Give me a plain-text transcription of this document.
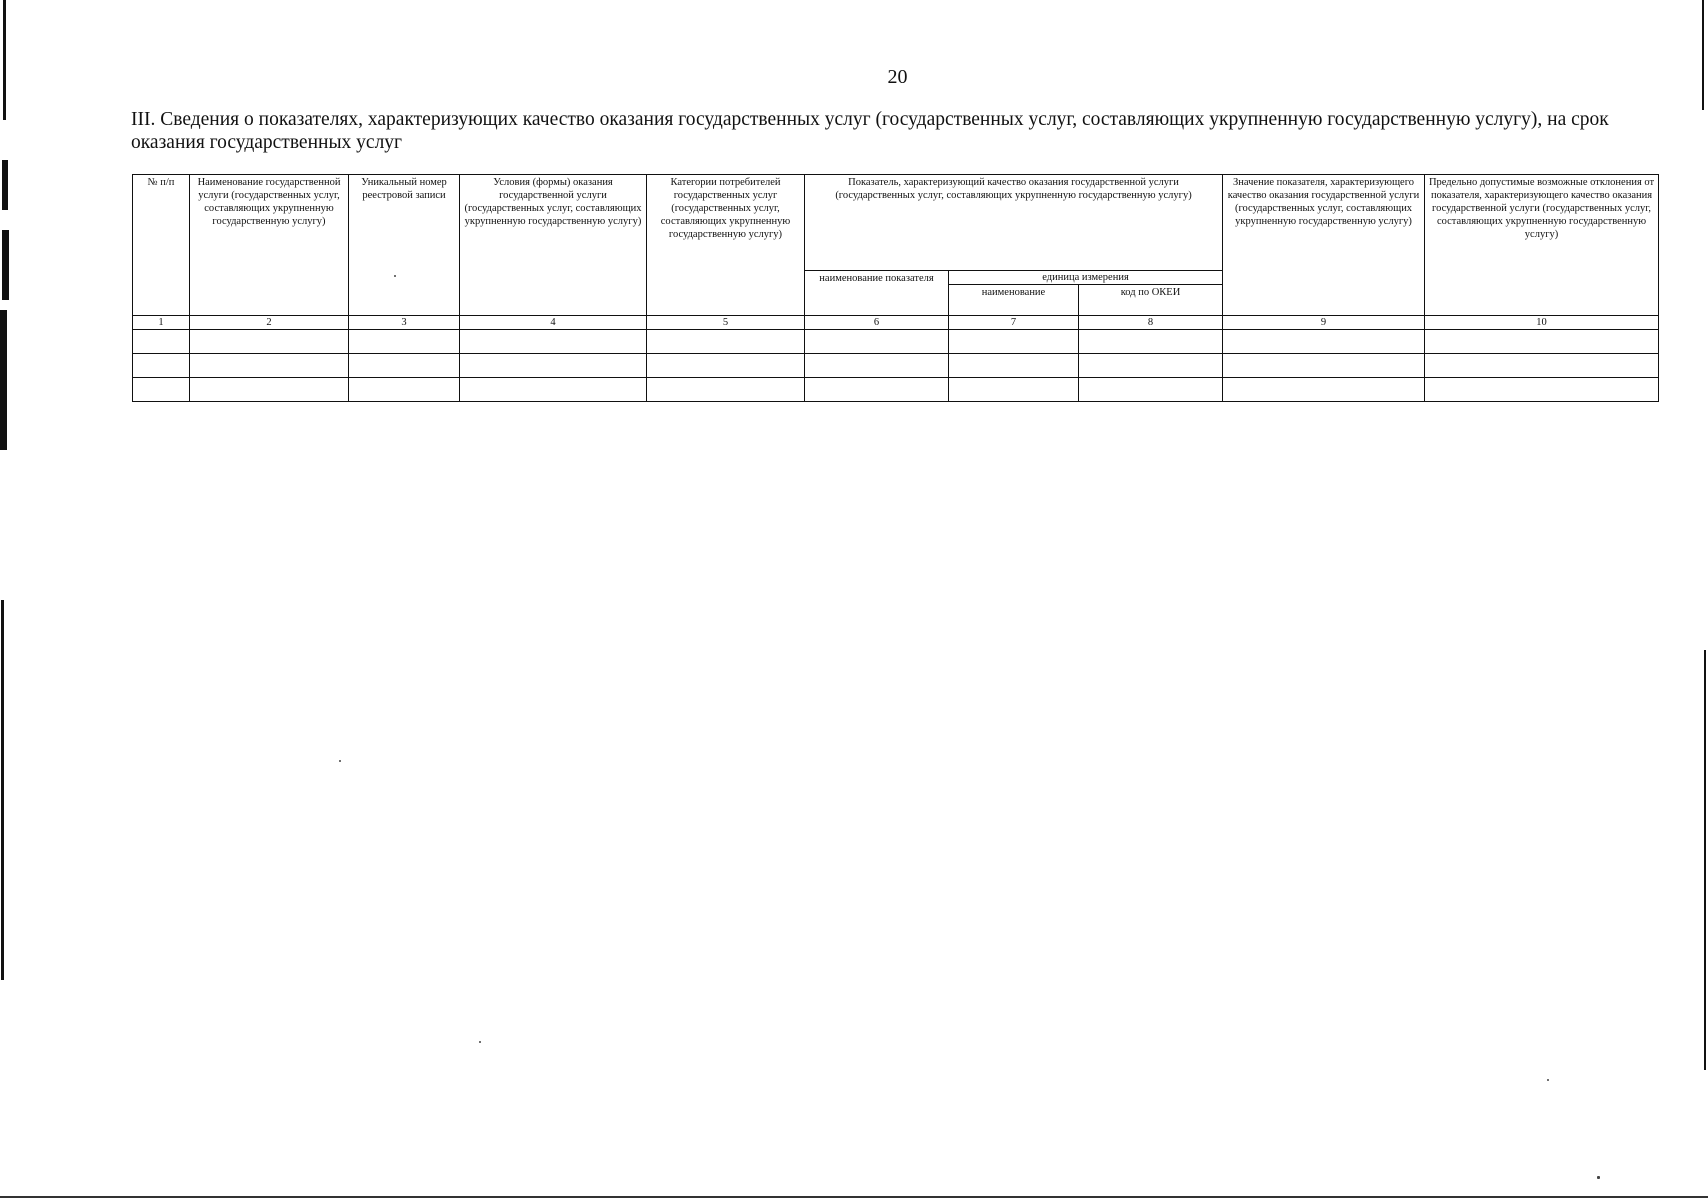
20
III. Сведения о показателях, характеризующих качество оказания государственных услуг (государственных услуг, составляющих укрупненную государственную услугу), на срок оказания государственных услуг
№ п/п	Наименование государственной услуги (государственных услуг, составляющих укрупненную государственную услугу)	Уникальный номер реестровой записи	Условия (формы) оказания государственной услуги (государственных услуг, составляющих укрупненную государственную услугу)	Категории потребителей государственных услуг (государственных услуг, составляющих укрупненную государственную услугу)	Показатель, характеризующий качество оказания государственной услуги (государственных услуг, составляющих укрупненную государственную услугу)			Значение показателя, характеризующего качество оказания государственной услуги (государственных услуг, составляющих укрупненную государственную услугу)	Предельно допустимые возможные отклонения от показателя, характеризующего качество оказания государственной услуги (государственных услуг, составляющих укрупненную государственную услугу)
					наименование показателя	единица измерения			
						наименование	код по ОКЕИ		
1	2	3	4	5	6	7	8	9	10
